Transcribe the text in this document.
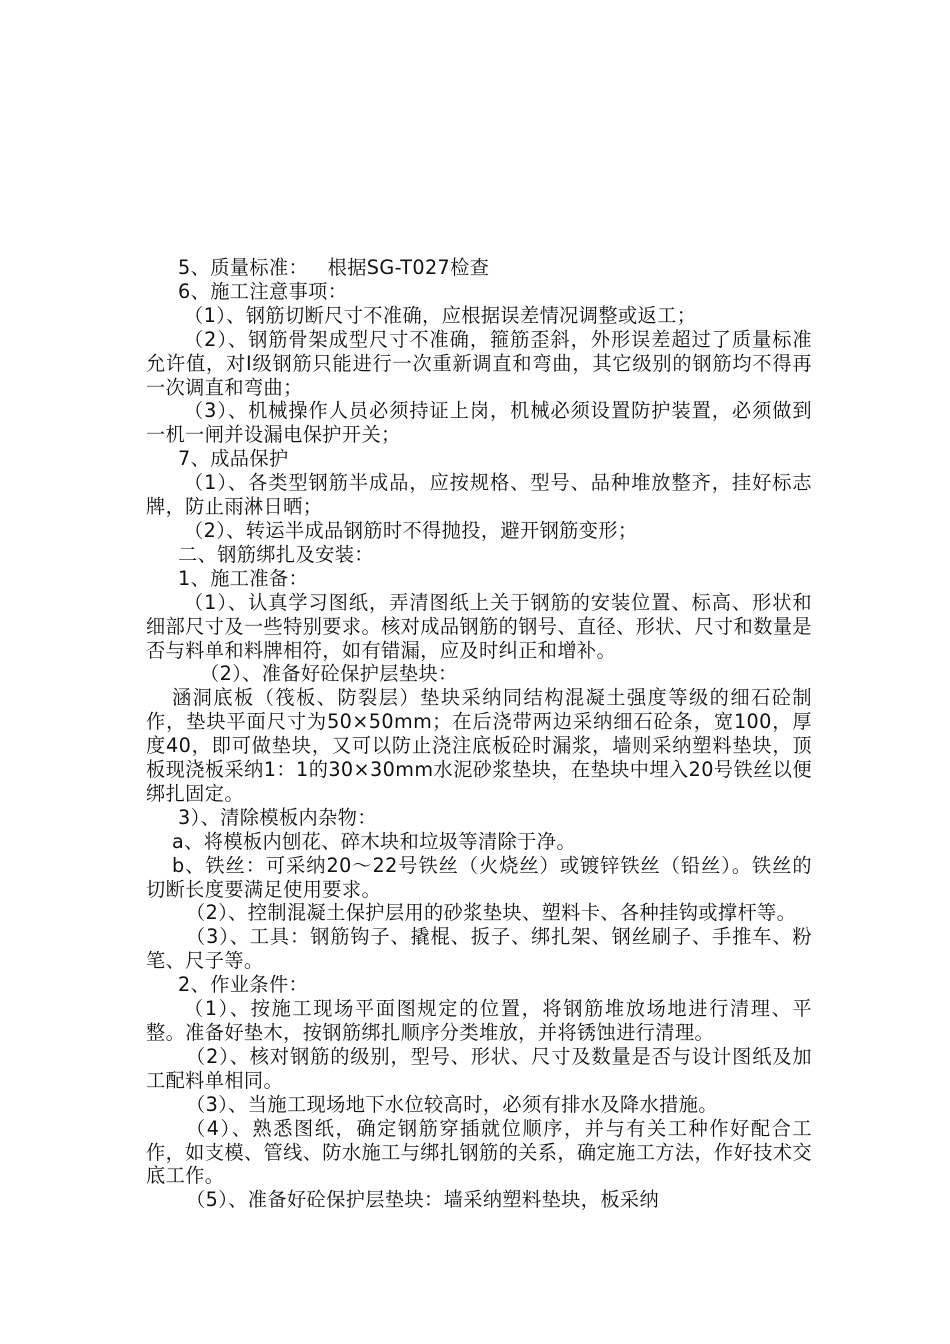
5、质量标准：   根据SG-T027检查

6、施工注意事项：

（1）、钢筋切断尺寸不准确，应根据误差情况调整或返工；

（2）、钢筋骨架成型尺寸不准确，箍筋歪斜，外形误差超过了质量标准允许值，对Ⅰ级钢筋只能进行一次重新调直和弯曲，其它级别的钢筋均不得再一次调直和弯曲；

（3）、机械操作人员必须持证上岗，机械必须设置防护装置，必须做到一机一闸并设漏电保护开关；

7、成品保护

（1）、各类型钢筋半成品，应按规格、型号、品种堆放整齐，挂好标志牌，防止雨淋日晒；

（2）、转运半成品钢筋时不得抛投，避开钢筋变形；

二、钢筋绑扎及安装：

1、施工准备：

（1）、认真学习图纸，弄清图纸上关于钢筋的安装位置、标高、形状和细部尺寸及一些特别要求。核对成品钢筋的钢号、直径、形状、尺寸和数量是否与料单和料牌相符，如有错漏，应及时纠正和增补。

（2）、准备好砼保护层垫块：

涵洞底板（筏板、防裂层）垫块采纳同结构混凝土强度等级的细石砼制作，垫块平面尺寸为50×50mm；在后浇带两边采纳细石砼条，宽100，厚度40，即可做垫块，又可以防止浇注底板砼时漏浆，墙则采纳塑料垫块，顶板现浇板采纳1：1的30×30mm水泥砂浆垫块，在垫块中埋入20号铁丝以便绑扎固定。

3）、清除模板内杂物：

a、将模板内刨花、碎木块和垃圾等清除于净。

b、铁丝：可采纳20～22号铁丝（火烧丝）或镀锌铁丝（铅丝）。铁丝的切断长度要满足使用要求。

（2）、控制混凝土保护层用的砂浆垫块、塑料卡、各种挂钩或撑杆等。

（3）、工具：钢筋钩子、撬棍、扳子、绑扎架、钢丝刷子、手推车、粉笔、尺子等。

2、作业条件：

（1）、按施工现场平面图规定的位置，将钢筋堆放场地进行清理、平整。准备好垫木，按钢筋绑扎顺序分类堆放，并将锈蚀进行清理。

（2）、核对钢筋的级别，型号、形状、尺寸及数量是否与设计图纸及加工配料单相同。

（3）、当施工现场地下水位较高时，必须有排水及降水措施。

（4）、熟悉图纸，确定钢筋穿插就位顺序，并与有关工种作好配合工作，如支模、管线、防水施工与绑扎钢筋的关系，确定施工方法，作好技术交底工作。

（5）、准备好砼保护层垫块：墙采纳塑料垫块，板采纳
